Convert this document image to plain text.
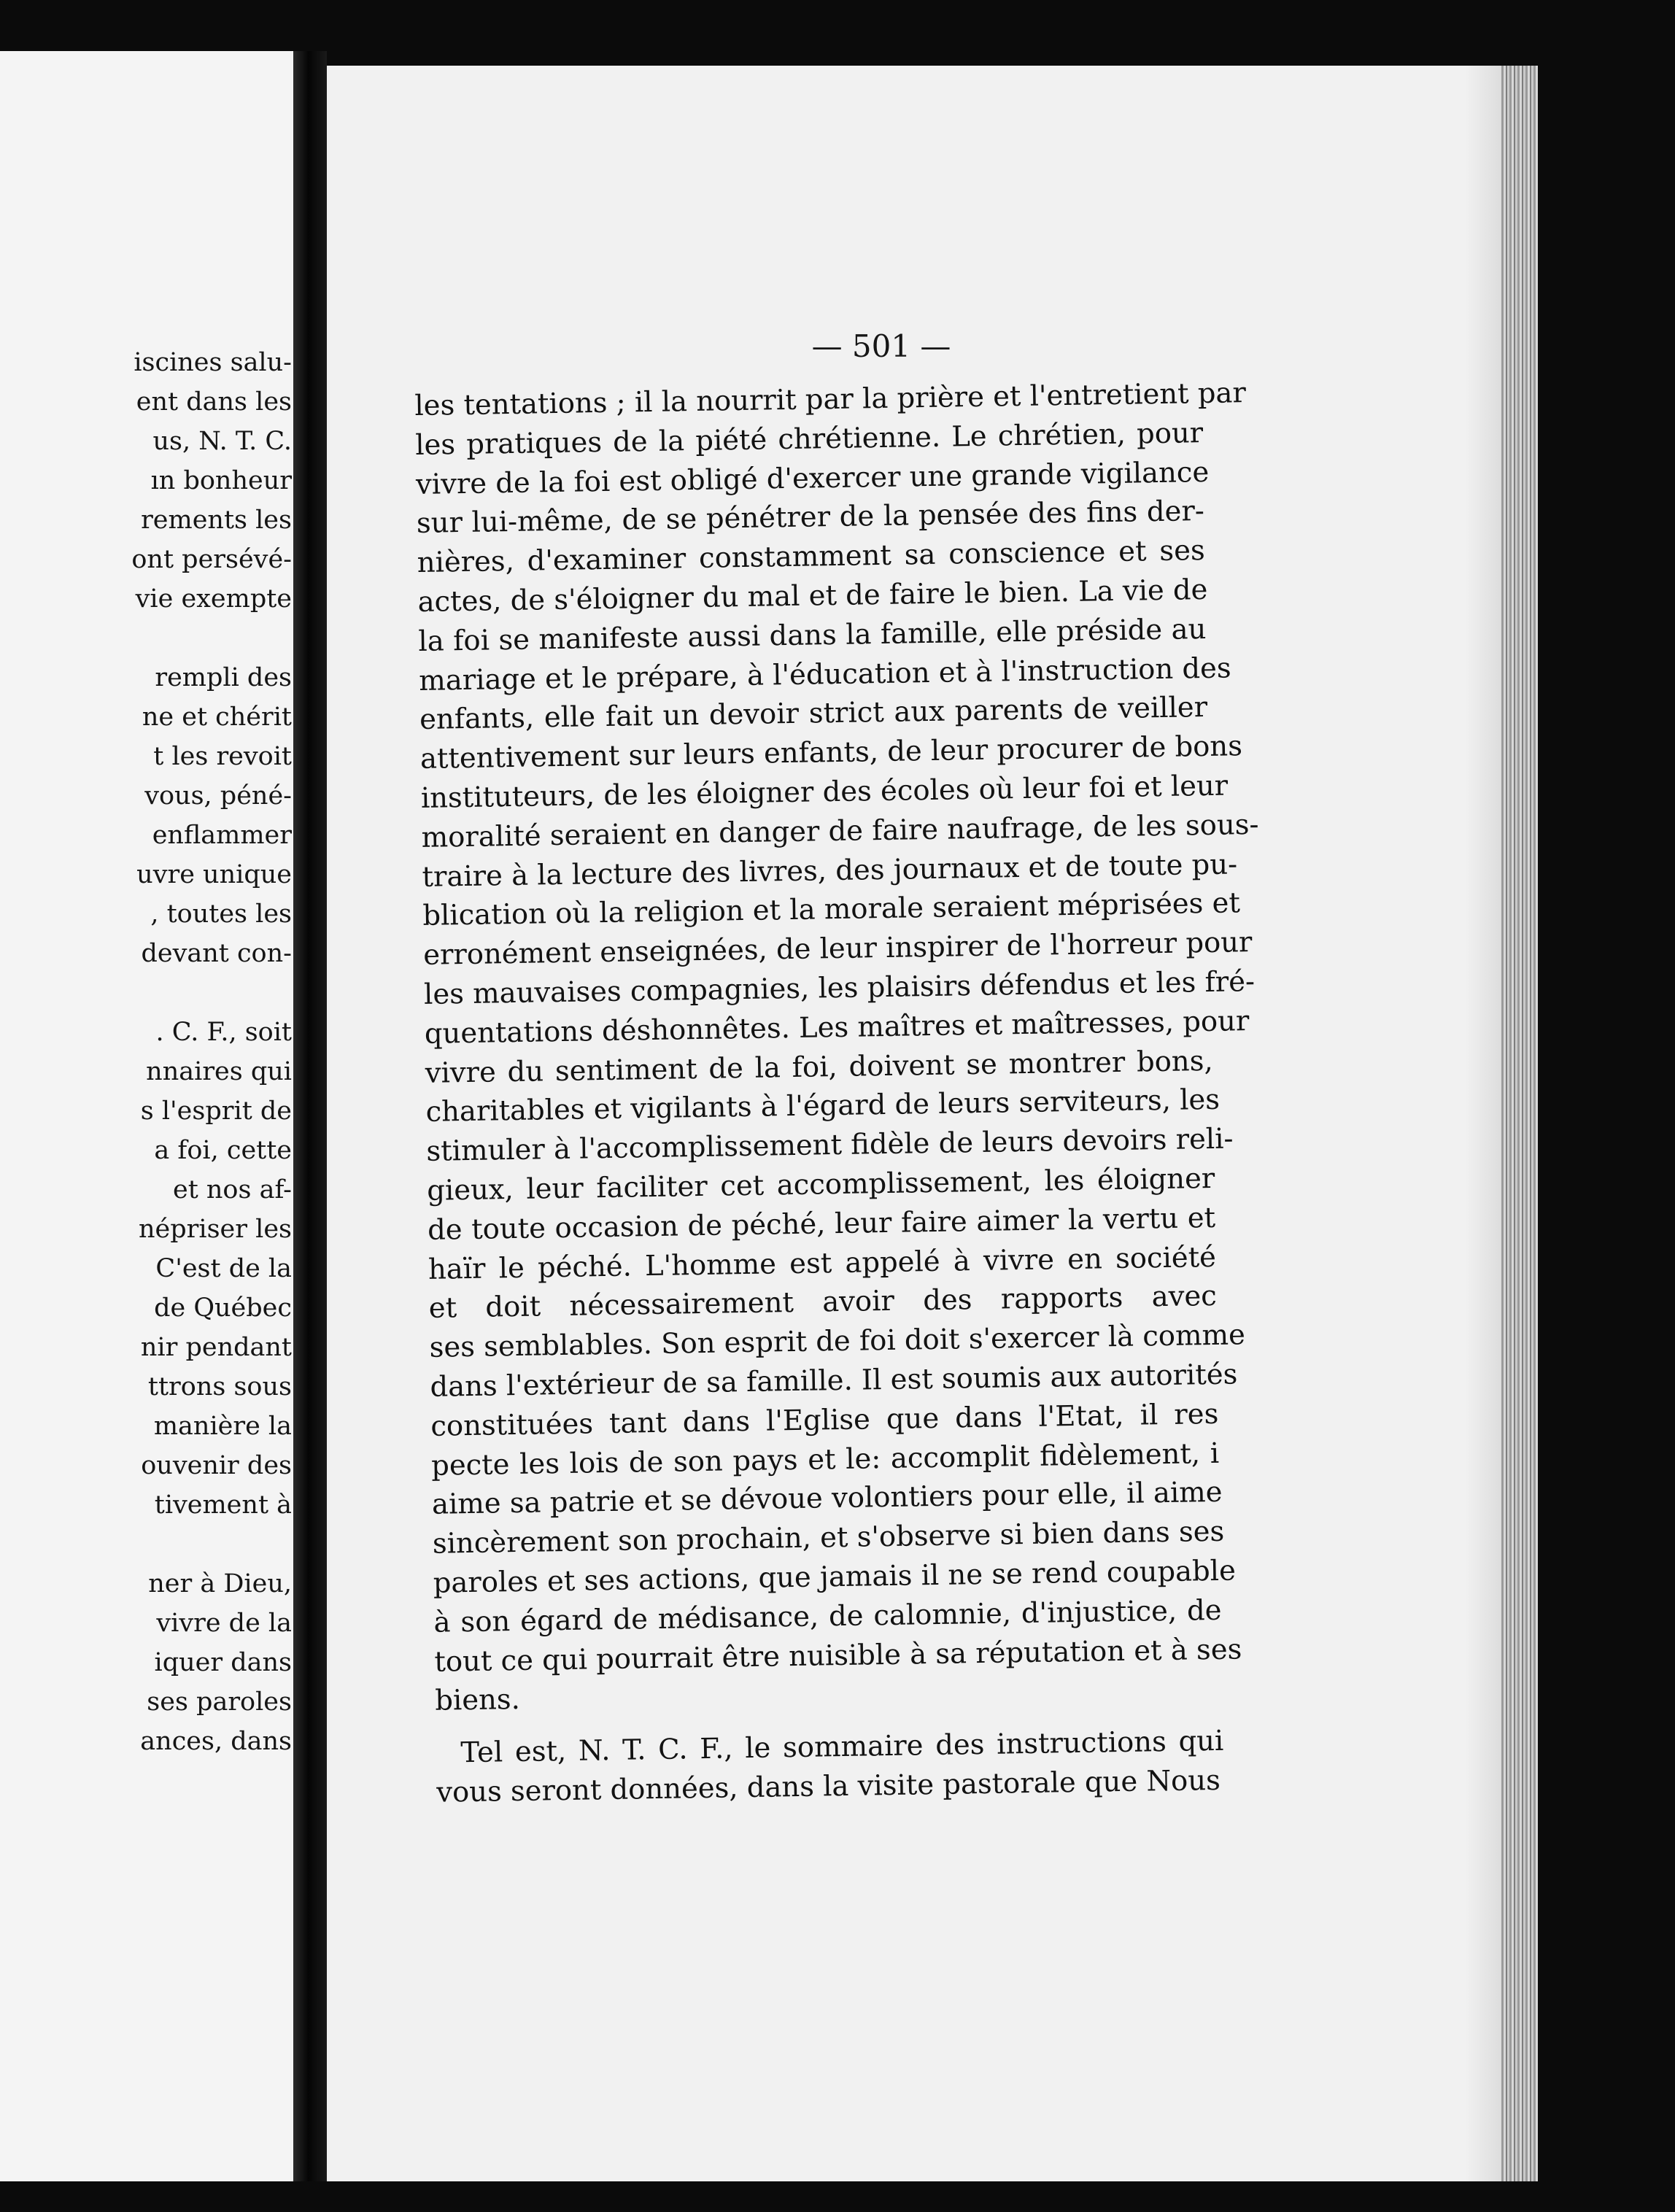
iscines salu-
ent dans les
us, N. T. C.
ın bonheur
rements les
ont persévé-
vie exempte
rempli des
ne et chérit
t les revoit
vous, péné-
enflammer
uvre unique
, toutes les
devant con-
. C. F., soit
nnaires qui
s l'esprit de
a foi, cette
et nos af-
népriser les
C'est de la
de Québec
nir pendant
ttrons sous
manière la
ouvenir des
tivement à
ner à Dieu,
vivre de la
iquer dans
ses paroles
ances, dans
— 501 —
les tentations ; il la nourrit par la prière et l'entretient par
les pratiques de la piété chrétienne. Le chrétien, pour
vivre de la foi est obligé d'exercer une grande vigilance
sur lui-même, de se pénétrer de la pensée des fins der-
nières, d'examiner constamment sa conscience et ses
actes, de s'éloigner du mal et de faire le bien. La vie de
la foi se manifeste aussi dans la famille, elle préside au
mariage et le prépare, à l'éducation et à l'instruction des
enfants, elle fait un devoir strict aux parents de veiller
attentivement sur leurs enfants, de leur procurer de bons
instituteurs, de les éloigner des écoles où leur foi et leur
moralité seraient en danger de faire naufrage, de les sous-
traire à la lecture des livres, des journaux et de toute pu-
blication où la religion et la morale seraient méprisées et
erronément enseignées, de leur inspirer de l'horreur pour
les mauvaises compagnies, les plaisirs défendus et les fré-
quentations déshonnêtes. Les maîtres et maîtresses, pour
vivre du sentiment de la foi, doivent se montrer bons,
charitables et vigilants à l'égard de leurs serviteurs, les
stimuler à l'accomplissement fidèle de leurs devoirs reli-
gieux, leur faciliter cet accomplissement, les éloigner
de toute occasion de péché, leur faire aimer la vertu et
haïr le péché. L'homme est appelé à vivre en société
et doit nécessairement avoir des rapports avec
ses semblables. Son esprit de foi doit s'exercer là comme
dans l'extérieur de sa famille. Il est soumis aux autorités
constituées tant dans l'Eglise que dans l'Etat, il res
pecte les lois de son pays et le: accomplit fidèlement, i
aime sa patrie et se dévoue volontiers pour elle, il aime
sincèrement son prochain, et s'observe si bien dans ses
paroles et ses actions, que jamais il ne se rend coupable
à son égard de médisance, de calomnie, d'injustice, de
tout ce qui pourrait être nuisible à sa réputation et à ses
biens.
Tel est, N. T. C. F., le sommaire des instructions qui
vous seront données, dans la visite pastorale que Nous
